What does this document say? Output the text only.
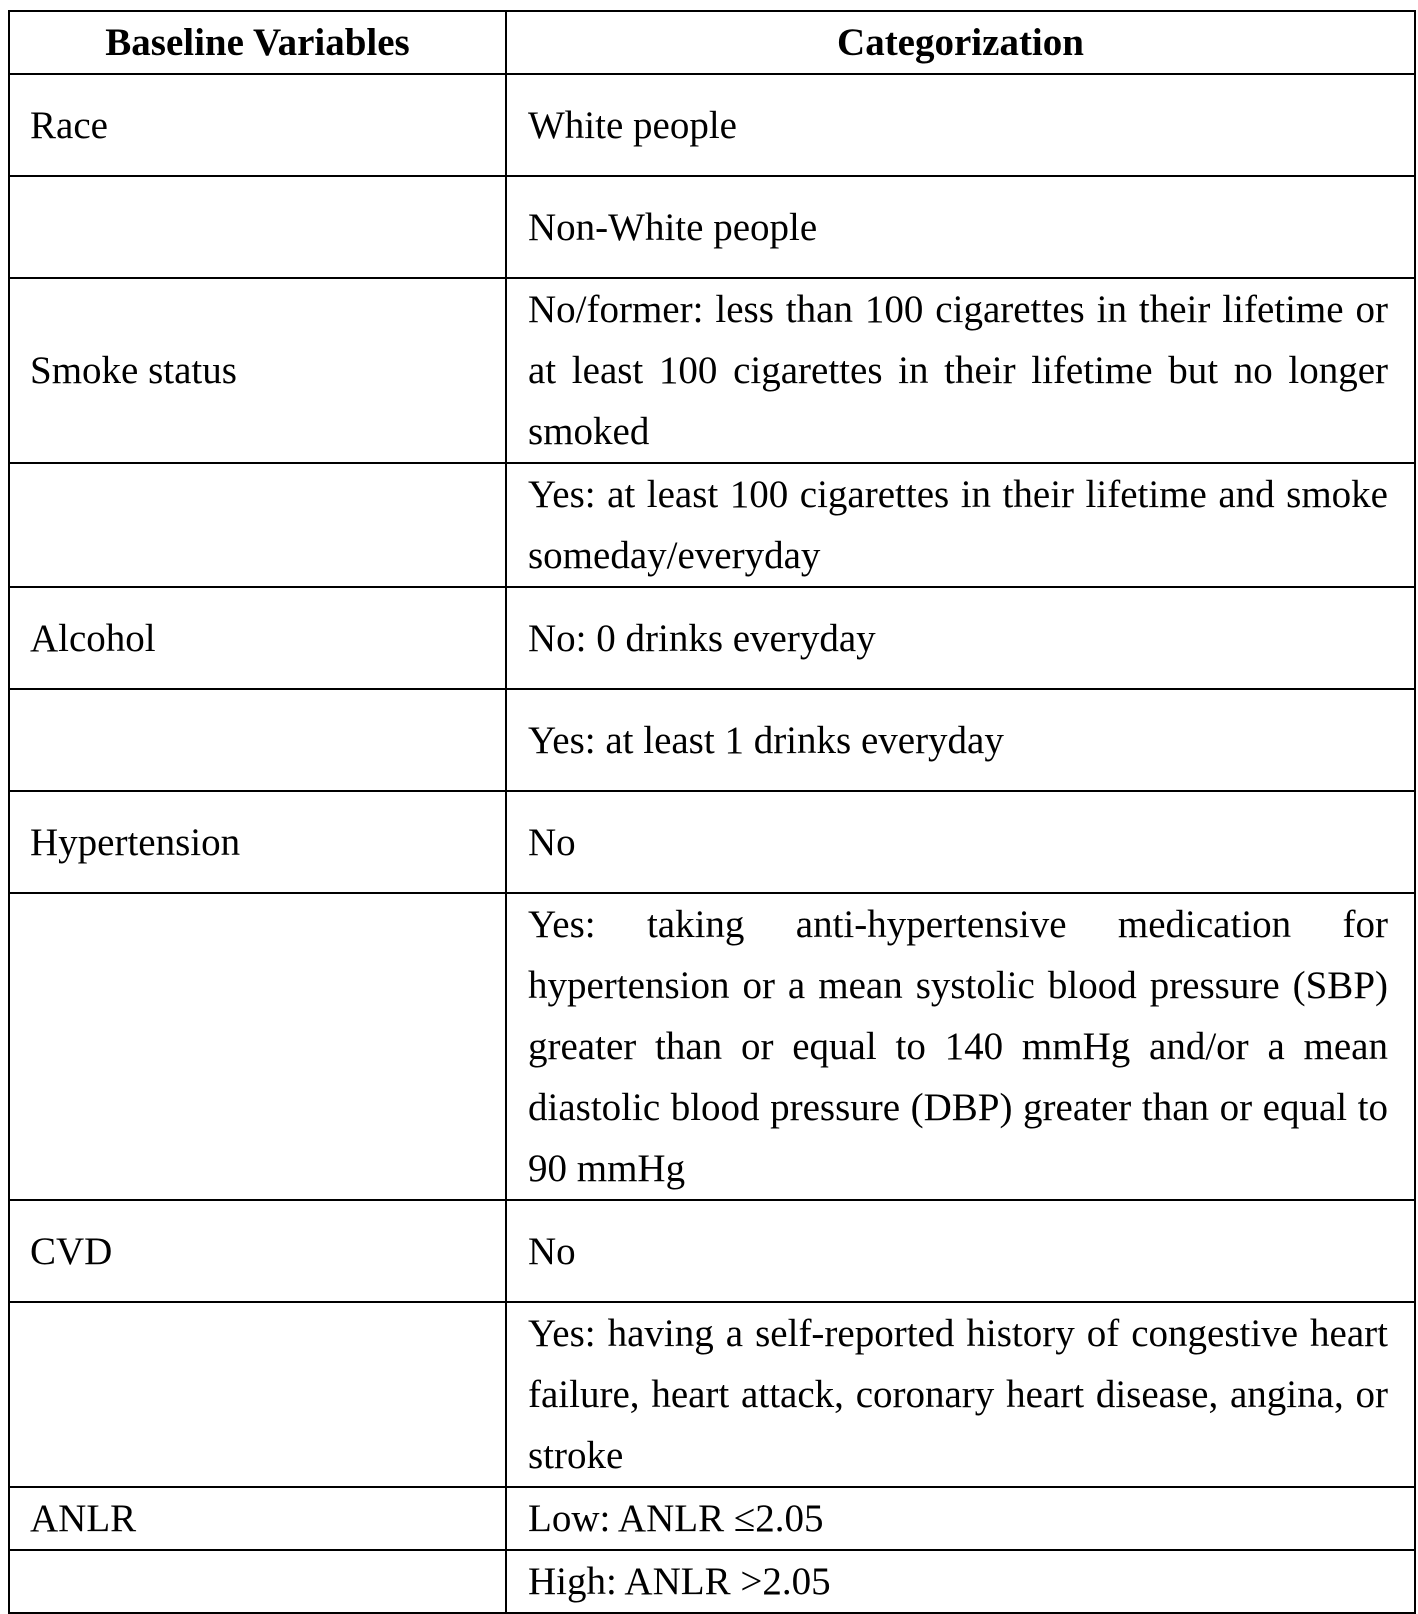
Baseline Variables	Categorization
Race	White people
	Non-White people
Smoke status	No/former: less than 100 cigarettes in their lifetime or at least 100 cigarettes in their lifetime but no longer smoked
	Yes: at least 100 cigarettes in their lifetime and smoke someday/everyday
Alcohol	No: 0 drinks everyday
	Yes: at least 1 drinks everyday
Hypertension	No
	Yes: taking anti-hypertensive medication for hypertension or a mean systolic blood pressure (SBP) greater than or equal to 140 mmHg and/or a mean diastolic blood pressure (DBP) greater than or equal to 90 mmHg
CVD	No
	Yes: having a self-reported history of congestive heart failure, heart attack, coronary heart disease, angina, or stroke
ANLR	Low: ANLR ≤2.05
	High: ANLR >2.05
